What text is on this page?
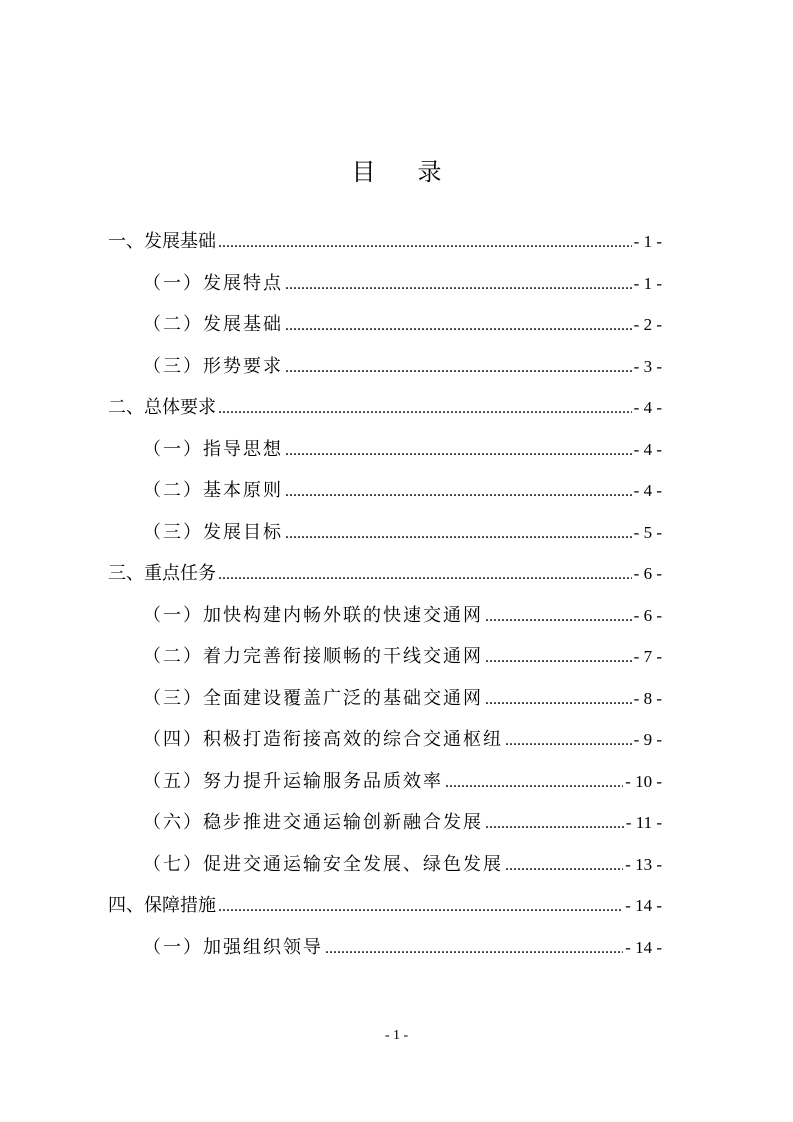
目 录
一、发展基础 .....	- 1 -
（一）发展特点 .....	- 1 -
（二）发展基础 .....	- 2 -
（三）形势要求 .....	- 3 -
二、总体要求 .....	- 4 -
（一）指导思想 .....	- 4 -
（二）基本原则 .....	- 4 -
（三）发展目标 .....	- 5 -
三、重点任务 .....	- 6 -
（一）加快构建内畅外联的快速交通网 .....	- 6 -
（二）着力完善衔接顺畅的干线交通网 .....	- 7 -
（三）全面建设覆盖广泛的基础交通网 .....	- 8 -
（四）积极打造衔接高效的综合交通枢纽 .....	- 9 -
（五）努力提升运输服务品质效率 .....	- 10 -
（六）稳步推进交通运输创新融合发展 .....	- 11 -
（七）促进交通运输安全发展、绿色发展 .....	- 13 -
四、保障措施 .....	- 14 -
（一）加强组织领导 .....	- 14 -
- 1 -
